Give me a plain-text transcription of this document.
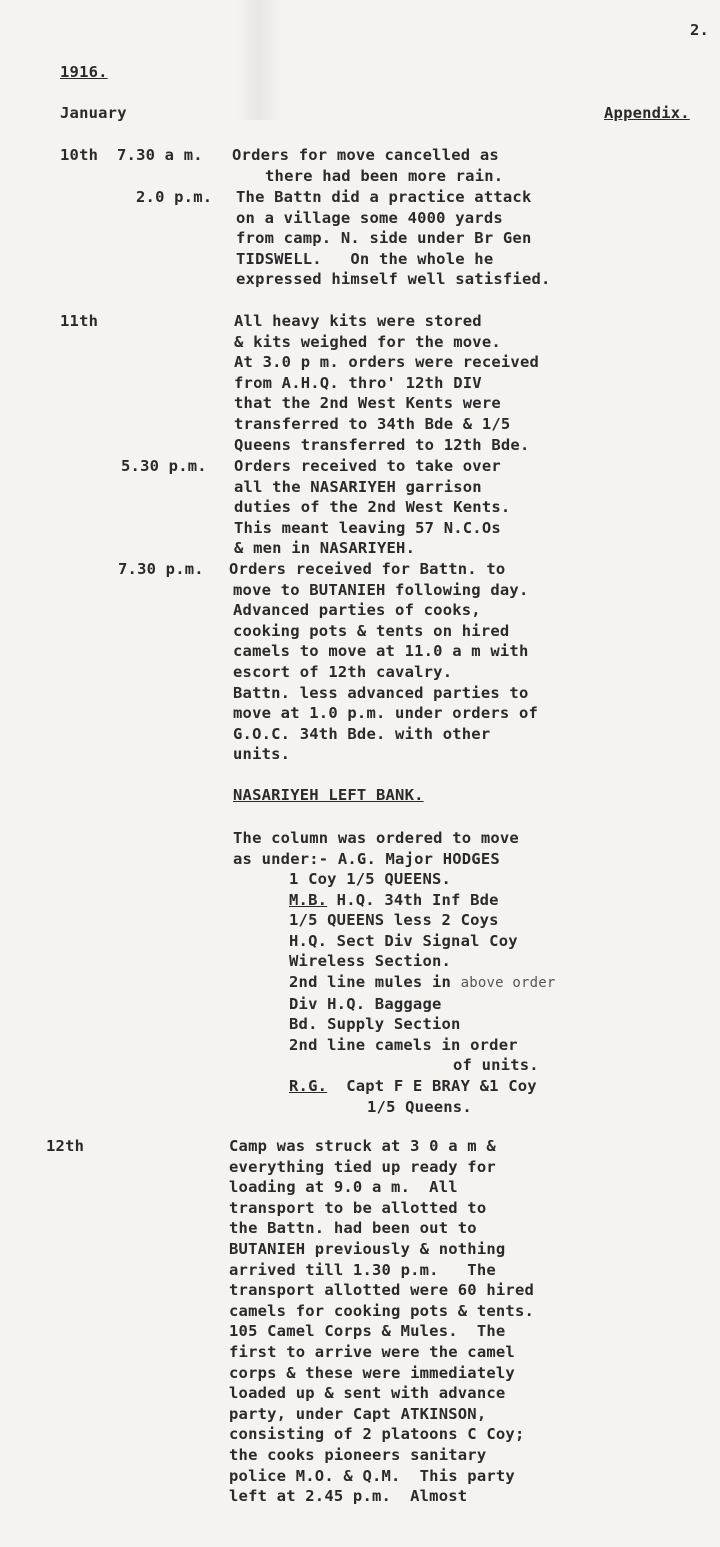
2.
1916.
January	Appendix.
10th 7.30 a m. Orders for move cancelled as
there had been more rain.
2.0 p.m. The Battn did a practice attack
on a village some 4000 yards
from camp. N. side under Br Gen
TIDSWELL.   On the whole he
expressed himself well satisfied.
11th	All heavy kits were stored
& kits weighed for the move.
At 3.0 p m. orders were received
from A.H.Q. thro' 12th DIV
that the 2nd West Kents were
transferred to 34th Bde & 1/5
Queens transferred to 12th Bde.
5.30 p.m. Orders received to take over
all the NASARIYEH garrison
duties of the 2nd West Kents.
This meant leaving 57 N.C.Os
& men in NASARIYEH.
7.30 p.m. Orders received for Battn. to
move to BUTANIEH following day.
Advanced parties of cooks,
cooking pots & tents on hired
camels to move at 11.0 a m with
escort of 12th cavalry.
Battn. less advanced parties to
move at 1.0 p.m. under orders of
G.O.C. 34th Bde. with other
units.
NASARIYEH LEFT BANK.
The column was ordered to move
as under:- A.G. Major HODGES
1 Coy 1/5 QUEENS.
M.B. H.Q. 34th Inf Bde
1/5 QUEENS less 2 Coys
H.Q. Sect Div Signal Coy
Wireless Section.
2nd line mules in above order
Div H.Q. Baggage
Bd. Supply Section
2nd line camels in order
of units.
R.G.  Capt F E BRAY &1 Coy
1/5 Queens.
12th	Camp was struck at 3 0 a m &
everything tied up ready for
loading at 9.0 a m.  All
transport to be allotted to
the Battn. had been out to
BUTANIEH previously & nothing
arrived till 1.30 p.m.   The
transport allotted were 60 hired
camels for cooking pots & tents.
105 Camel Corps & Mules.  The
first to arrive were the camel
corps & these were immediately
loaded up & sent with advance
party, under Capt ATKINSON,
consisting of 2 platoons C Coy;
the cooks pioneers sanitary
police M.O. & Q.M.  This party
left at 2.45 p.m.  Almost
